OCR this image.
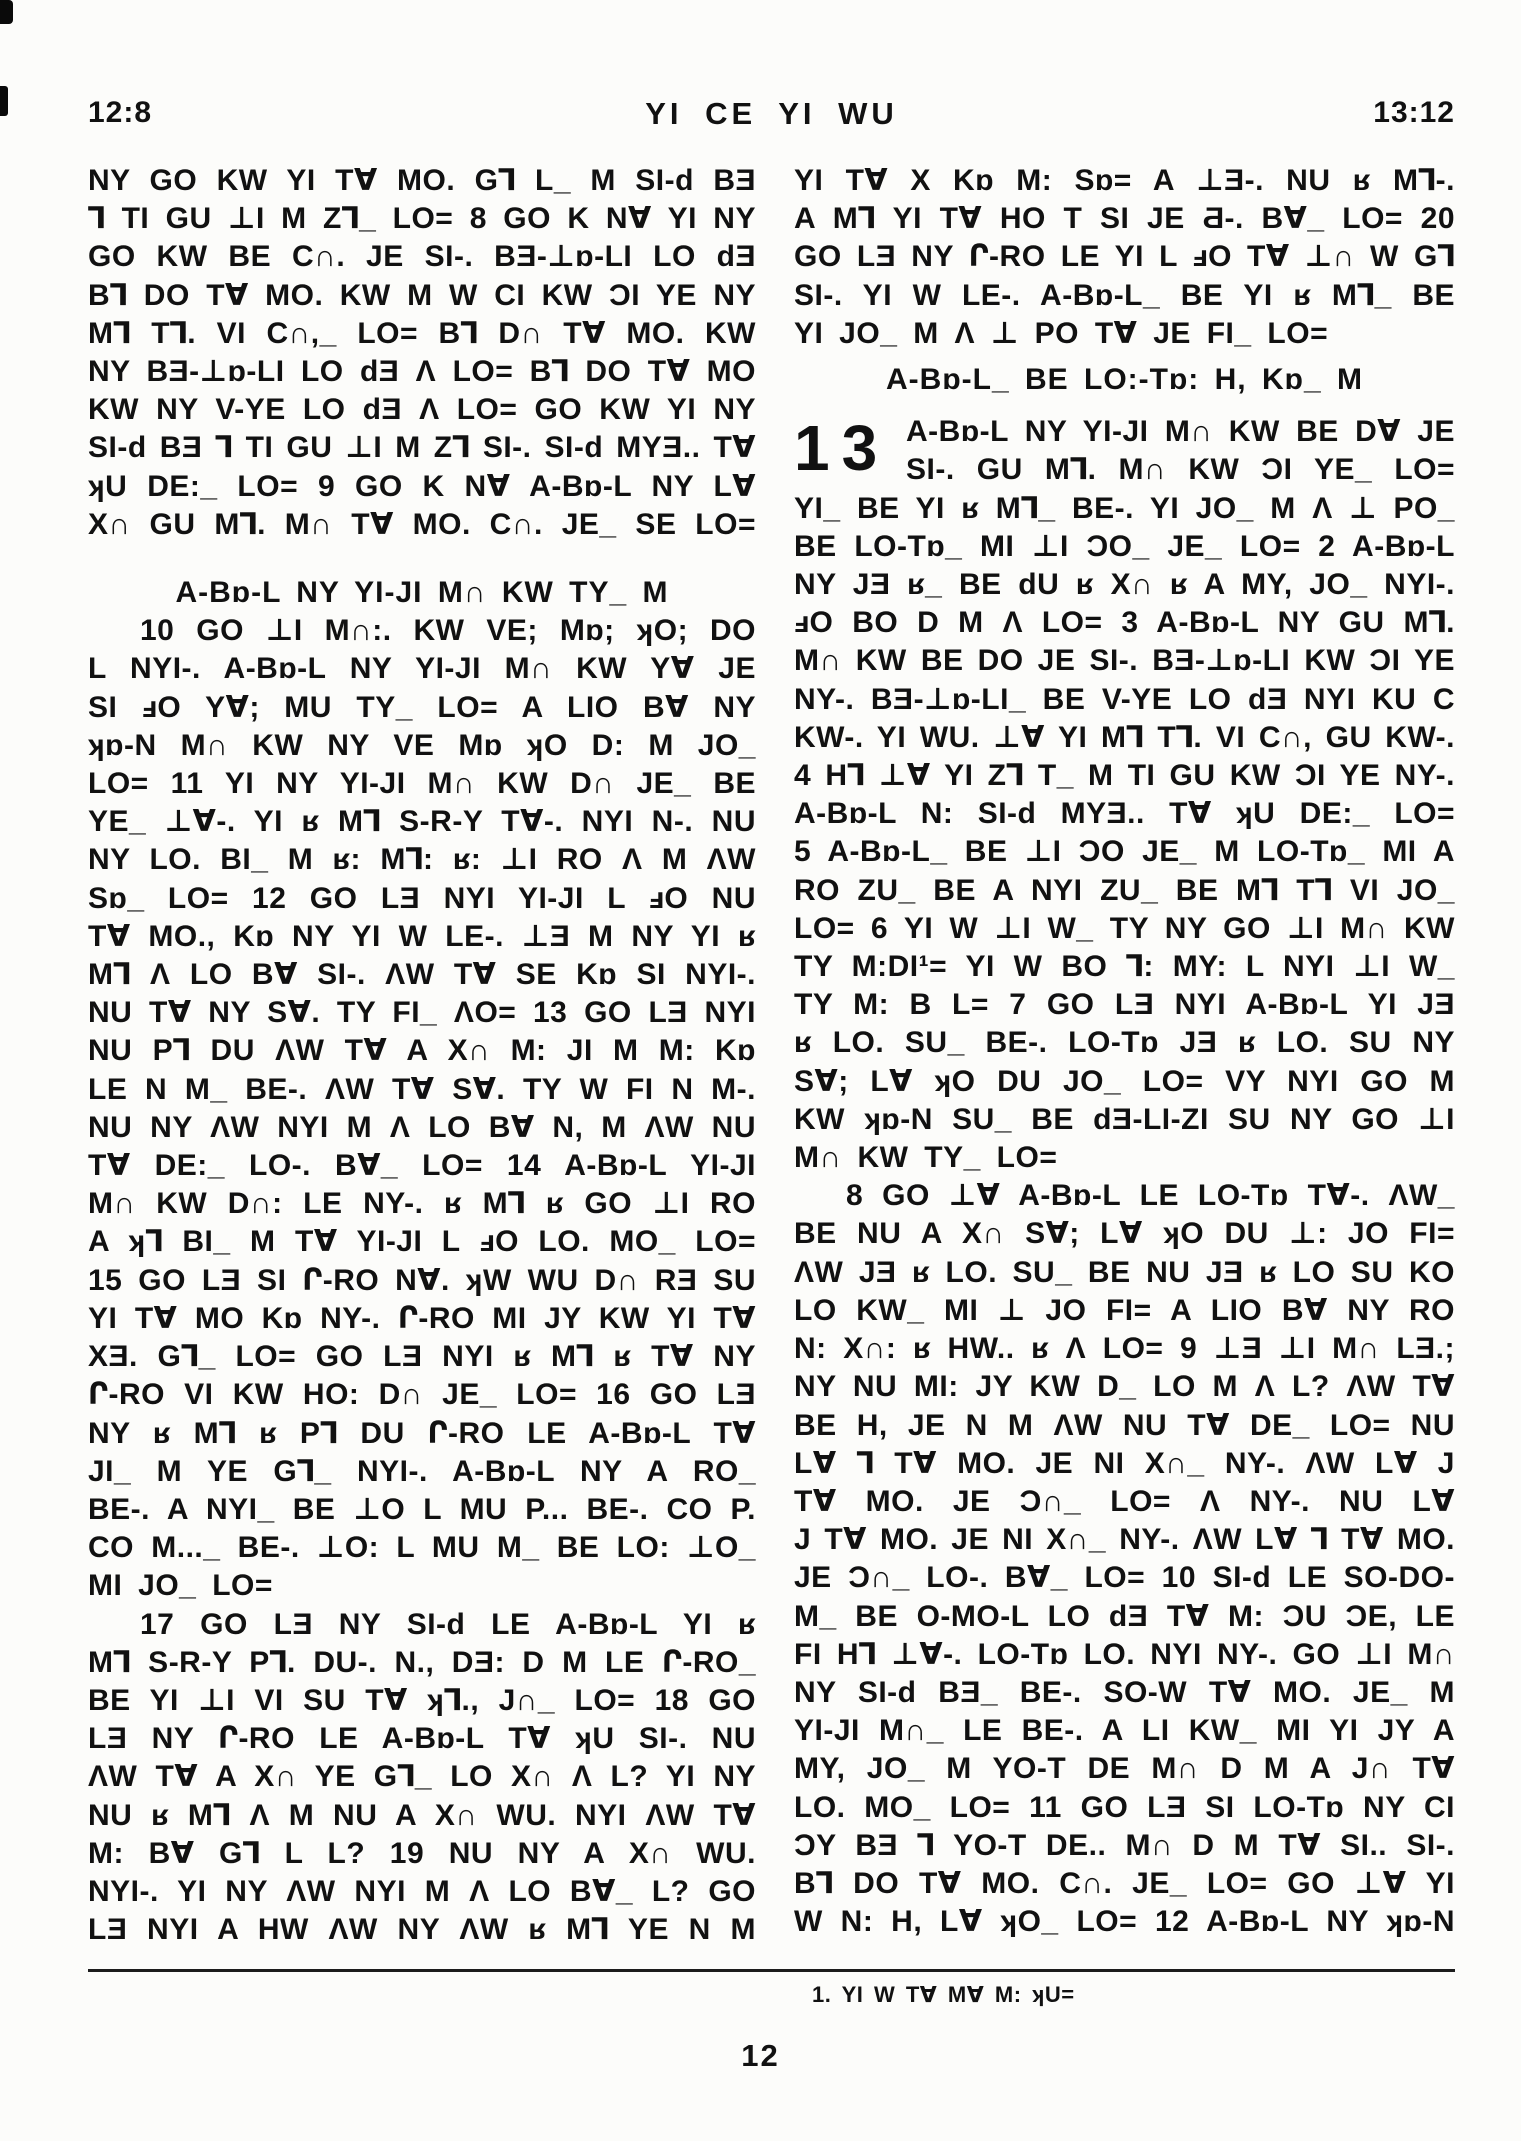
12:8	YI CE YI WU	13:12
NY GO KW YI T∀ MO. G⅂ L_ M SI-d BƎ
⅂ TI GU ⊥I M Z⅂_ LO= 8 GO K N∀ YI NY
GO KW BE C∩. JE SI-. BƎ-⊥ɒ-LI LO dƎ
B⅂ DO T∀ MO. KW M W CI KW ƆI YE NY
M⅂ T⅂. VI C∩,_ LO= B⅂ D∩ T∀ MO. KW
NY BƎ-⊥ɒ-LI LO dƎ Λ LO= B⅂ DO T∀ MO
KW NY V-YE LO dƎ Λ LO= GO KW YI NY
SI-d BƎ ⅂ TI GU ⊥I M Z⅂ SI-. SI-d MYƎ.. T∀
ʞU DE:_ LO= 9 GO K N∀ A-Bɒ-L NY L∀
X∩ GU M⅂. M∩ T∀ MO. C∩. JE_ SE LO=
A-Bɒ-L NY YI-JI M∩ KW TY_ M
10 GO ⊥I M∩:. KW VE; Mɒ; ʞO; DO
L NYI-. A-Bɒ-L NY YI-JI M∩ KW Y∀ JE
SI ⅎO Y∀; MU TY_ LO= A LIO B∀ NY
ʞɒ-N M∩ KW NY VE Mɒ ʞO D: M JO_
LO= 11 YI NY YI-JI M∩ KW D∩ JE_ BE
YE_ ⊥∀-. YI ʁ M⅂ S-R-Y T∀-. NYI N-. NU
NY LO. BI_ M ʁ: M⅂: ʁ: ⊥I RO Λ M ΛW
Sɒ_ LO= 12 GO LƎ NYI YI-JI L ⅎO NU
T∀ MO., Kɒ NY YI W LE-. ⊥Ǝ M NY YI ʁ
M⅂ Λ LO B∀ SI-. ΛW T∀ SE Kɒ SI NYI-.
NU T∀ NY S∀. TY FI_ ΛO= 13 GO LƎ NYI
NU P⅂ DU ΛW T∀ A X∩ M: JI M M: Kɒ
LE N M_ BE-. ΛW T∀ S∀. TY W FI N M-.
NU NY ΛW NYI M Λ LO B∀ N, M ΛW NU
T∀ DE:_ LO-. B∀_ LO= 14 A-Bɒ-L YI-JI
M∩ KW D∩: LE NY-. ʁ M⅂ ʁ GO ⊥I RO
A ʞ⅂ BI_ M T∀ YI-JI L ⅎO LO. MO_ LO=
15 GO LƎ SI Ր-RO N∀. ʞW WU D∩ RƎ SU
YI T∀ MO Kɒ NY-. Ր-RO MI JY KW YI T∀
XƎ. G⅂_ LO= GO LƎ NYI ʁ M⅂ ʁ T∀ NY
Ր-RO VI KW HO: D∩ JE_ LO= 16 GO LƎ
NY ʁ M⅂ ʁ P⅂ DU Ր-RO LE A-Bɒ-L T∀
JI_ M YE G⅂_ NYI-. A-Bɒ-L NY A RO_
BE-. A NYI_ BE ⊥O L MU P... BE-. CO P.
CO M..._ BE-. ⊥O: L MU M_ BE LO: ⊥O_
MI JO_ LO=
17 GO LƎ NY SI-d LE A-Bɒ-L YI ʁ
M⅂ S-R-Y P⅂. DU-. N., DƎ: D M LE Ր-RO_
BE YI ⊥I VI SU T∀ ʞ⅂., J∩_ LO= 18 GO
LƎ NY Ր-RO LE A-Bɒ-L T∀ ʞU SI-. NU
ΛW T∀ A X∩ YE G⅂_ LO X∩ Λ L? YI NY
NU ʁ M⅂ Λ M NU A X∩ WU. NYI ΛW T∀
M: B∀ G⅂ L L? 19 NU NY A X∩ WU.
NYI-. YI NY ΛW NYI M Λ LO B∀_ L? GO
LƎ NYI A HW ΛW NY ΛW ʁ M⅂ YE N M
YI T∀ X Kɒ M: Sɒ= A ⊥Ǝ-. NU ʁ M⅂-.
A M⅂ YI T∀ HO T SI JE Ƌ-. B∀_ LO= 20
GO LƎ NY Ր-RO LE YI L ⅎO T∀ ⊥∩ W G⅂
SI-. YI W LE-. A-Bɒ-L_ BE YI ʁ M⅂_ BE
YI JO_ M Λ ⊥ PO T∀ JE FI_ LO=
A-Bɒ-L_ BE LO:-Tɒ: H, Kɒ_ M
13 A-Bɒ-L NY YI-JI M∩ KW BE D∀ JE
SI-. GU M⅂. M∩ KW ƆI YE_ LO=
YI_ BE YI ʁ M⅂_ BE-. YI JO_ M Λ ⊥ PO_
BE LO-Tɒ_ MI ⊥I ƆO_ JE_ LO= 2 A-Bɒ-L
NY JƎ ʁ_ BE dU ʁ X∩ ʁ A MY, JO_ NYI-.
ⅎO BO D M Λ LO= 3 A-Bɒ-L NY GU M⅂.
M∩ KW BE DO JE SI-. BƎ-⊥ɒ-LI KW ƆI YE
NY-. BƎ-⊥ɒ-LI_ BE V-YE LO dƎ NYI KU C
KW-. YI WU. ⊥∀ YI M⅂ T⅂. VI C∩, GU KW-.
4 H⅂ ⊥∀ YI Z⅂ T_ M TI GU KW ƆI YE NY-.
A-Bɒ-L N: SI-d MYƎ.. T∀ ʞU DE:_ LO=
5 A-Bɒ-L_ BE ⊥I ƆO JE_ M LO-Tɒ_ MI A
RO ZU_ BE A NYI ZU_ BE M⅂ T⅂ VI JO_
LO= 6 YI W ⊥I W_ TY NY GO ⊥I M∩ KW
TY M:DI¹= YI W BO ⅂: MY: L NYI ⊥I W_
TY M: B L= 7 GO LƎ NYI A-Bɒ-L YI JƎ
ʁ LO. SU_ BE-. LO-Tɒ JƎ ʁ LO. SU NY
S∀; L∀ ʞO DU JO_ LO= VY NYI GO M
KW ʞɒ-N SU_ BE dƎ-LI-ZI SU NY GO ⊥I
M∩ KW TY_ LO=
8 GO ⊥∀ A-Bɒ-L LE LO-Tɒ T∀-. ΛW_
BE NU A X∩ S∀; L∀ ʞO DU ⊥: JO FI=
ΛW JƎ ʁ LO. SU_ BE NU JƎ ʁ LO SU KO
LO KW_ MI ⊥ JO FI= A LIO B∀ NY RO
N: X∩: ʁ HW.. ʁ Λ LO= 9 ⊥Ǝ ⊥I M∩ LƎ.;
NY NU MI: JY KW D_ LO M Λ L? ΛW T∀
BE H, JE N M ΛW NU T∀ DE_ LO= NU
L∀ ⅂ T∀ MO. JE NI X∩_ NY-. ΛW L∀ J
T∀ MO. JE Ɔ∩_ LO= Λ NY-. NU L∀
J T∀ MO. JE NI X∩_ NY-. ΛW L∀ ⅂ T∀ MO.
JE Ɔ∩_ LO-. B∀_ LO= 10 SI-d LE SO-DO-
M_ BE O-MO-L LO dƎ T∀ M: ƆU ƆE, LE
FI H⅂ ⊥∀-. LO-Tɒ LO. NYI NY-. GO ⊥I M∩
NY SI-d BƎ_ BE-. SO-W T∀ MO. JE_ M
YI-JI M∩_ LE BE-. A LI KW_ MI YI JY A
MY, JO_ M YO-T DE M∩ D M A J∩ T∀
LO. MO_ LO= 11 GO LƎ SI LO-Tɒ NY CI
ƆY BƎ ⅂ YO-T DE.. M∩ D M T∀ SI.. SI-.
B⅂ DO T∀ MO. C∩. JE_ LO= GO ⊥∀ YI
W N: H, L∀ ʞO_ LO= 12 A-Bɒ-L NY ʞɒ-N
1. YI W T∀ M∀ M: ʞU=
12
